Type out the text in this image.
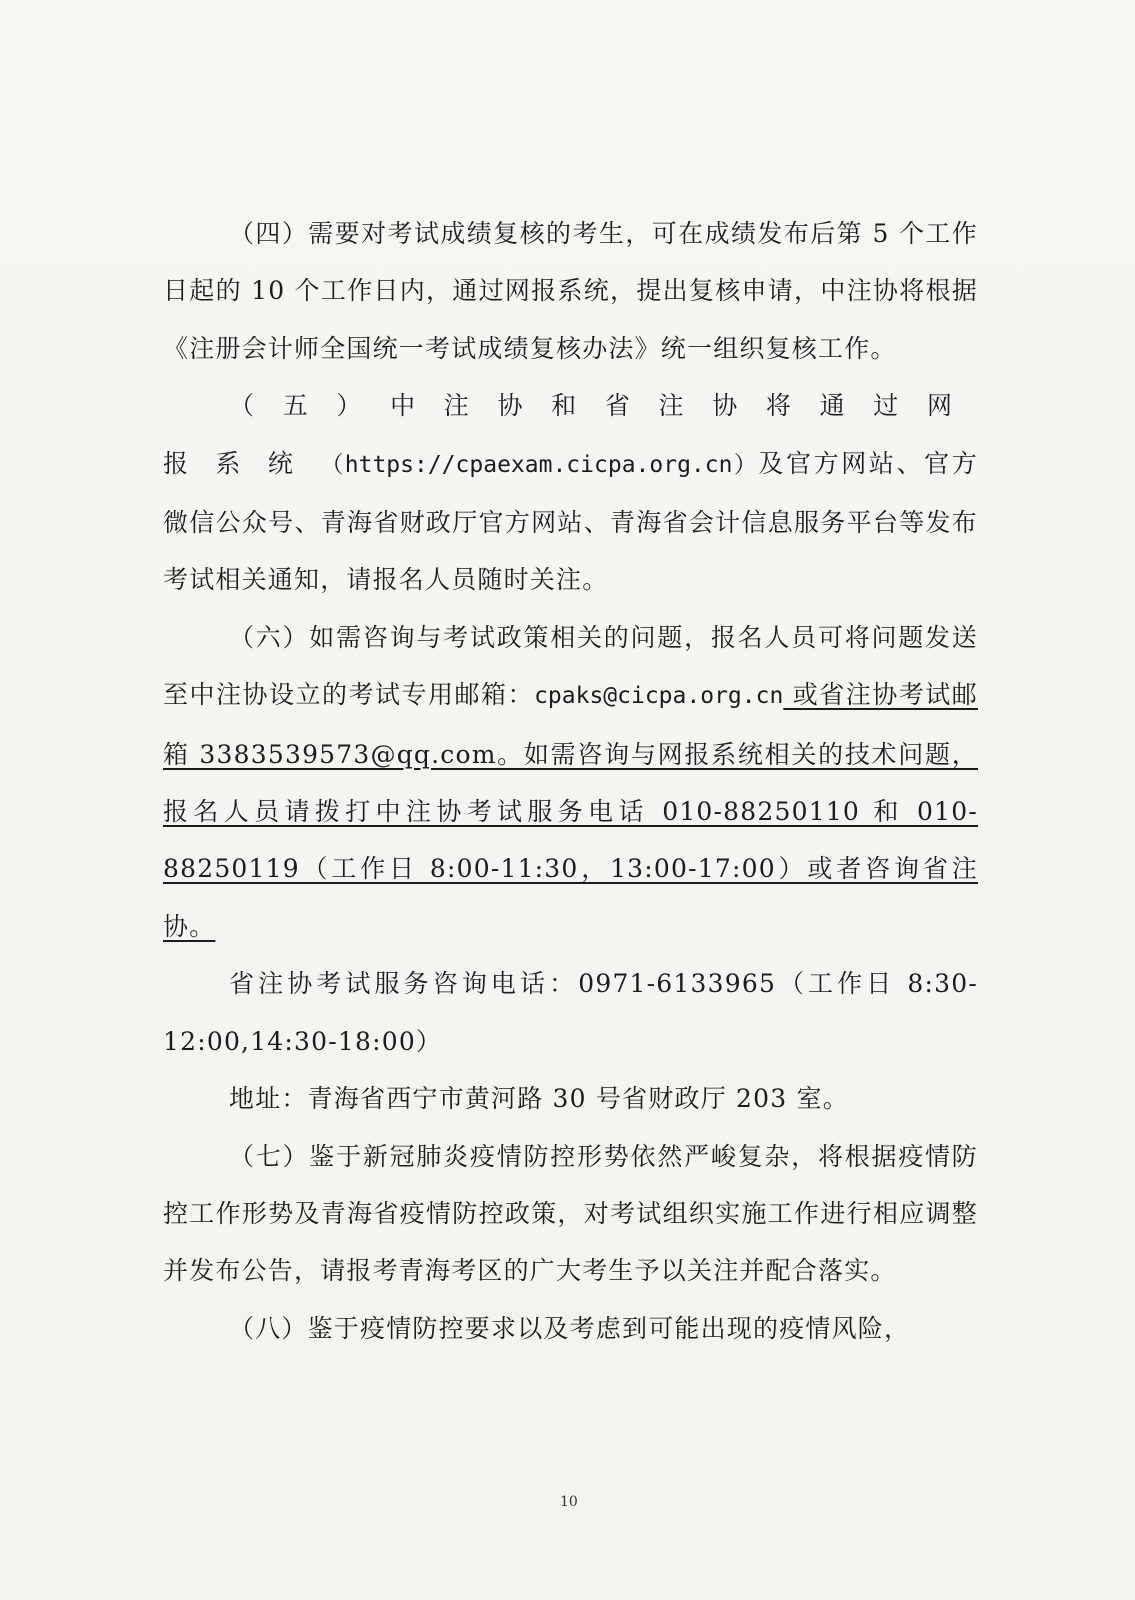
（四）需要对考试成绩复核的考生，可在成绩发布后第 5 个工作日起的 10 个工作日内，通过网报系统，提出复核申请，中注协将根据《注册会计师全国统一考试成绩复核办法》统一组织复核工作。

（五）中注协和省注协将通过网报系统（https://cpaexam.cicpa.org.cn）及官方网站、官方微信公众号、青海省财政厅官方网站、青海省会计信息服务平台等发布考试相关通知，请报名人员随时关注。

（六）如需咨询与考试政策相关的问题，报名人员可将问题发送至中注协设立的考试专用邮箱：cpaks@cicpa.org.cn 或省注协考试邮箱 3383539573@qq.com。如需咨询与网报系统相关的技术问题，报名人员请拨打中注协考试服务电话 010-88250110 和 010-88250119（工作日 8:00-11:30，13:00-17:00）或者咨询省注协。

省注协考试服务咨询电话：0971-6133965（工作日 8:30-12:00,14:30-18:00）

地址：青海省西宁市黄河路 30 号省财政厅 203 室。

（七）鉴于新冠肺炎疫情防控形势依然严峻复杂，将根据疫情防控工作形势及青海省疫情防控政策，对考试组织实施工作进行相应调整并发布公告，请报考青海考区的广大考生予以关注并配合落实。

（八）鉴于疫情防控要求以及考虑到可能出现的疫情风险，

10
